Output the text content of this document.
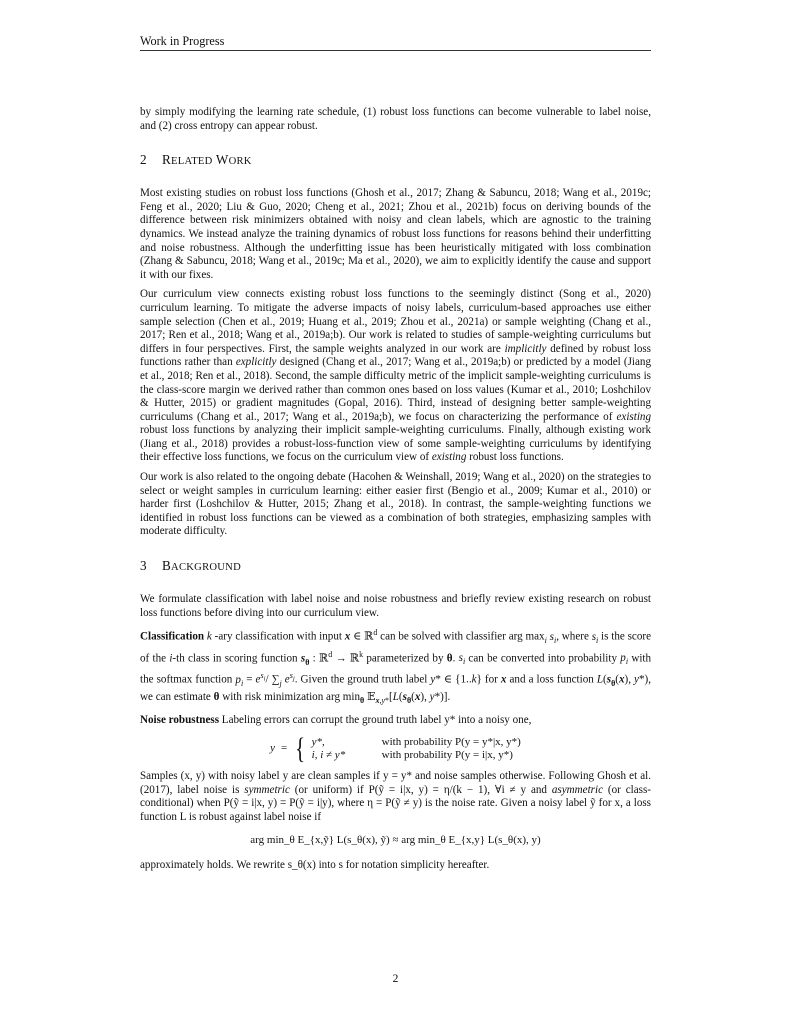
Work in Progress

by simply modifying the learning rate schedule, (1) robust loss functions can become vulnerable to label noise, and (2) cross entropy can appear robust.

2 RELATED WORK

Most existing studies on robust loss functions (Ghosh et al., 2017; Zhang & Sabuncu, 2018; Wang et al., 2019c; Feng et al., 2020; Liu & Guo, 2020; Cheng et al., 2021; Zhou et al., 2021b) focus on deriving bounds of the difference between risk minimizers obtained with noisy and clean labels, which are agnostic to the training dynamics. We instead analyze the training dynamics of robust loss functions for reasons behind their underfitting and noise robustness. Although the underfitting issue has been heuristically mitigated with loss combination (Zhang & Sabuncu, 2018; Wang et al., 2019c; Ma et al., 2020), we aim to explicitly identify the cause and support it with our fixes.

Our curriculum view connects existing robust loss functions to the seemingly distinct (Song et al., 2020) curriculum learning. To mitigate the adverse impacts of noisy labels, curriculum-based approaches use either sample selection (Chen et al., 2019; Huang et al., 2019; Zhou et al., 2021a) or sample weighting (Chang et al., 2017; Ren et al., 2018; Wang et al., 2019a;b). Our work is related to studies of sample-weighting curriculums but differs in four perspectives. First, the sample weights analyzed in our work are implicitly defined by robust loss functions rather than explicitly designed (Chang et al., 2017; Wang et al., 2019a;b) or predicted by a model (Jiang et al., 2018; Ren et al., 2018). Second, the sample difficulty metric of the implicit sample-weighting curriculums is the class-score margin we derived rather than common ones based on loss values (Kumar et al., 2010; Loshchilov & Hutter, 2015) or gradient magnitudes (Gopal, 2016). Third, instead of designing better sample-weighting curriculums (Chang et al., 2017; Wang et al., 2019a;b), we focus on characterizing the performance of existing robust loss functions by analyzing their implicit sample-weighting curriculums. Finally, although existing work (Jiang et al., 2018) provides a robust-loss-function view of some sample-weighting curriculums by identifying their effective loss functions, we focus on the curriculum view of existing robust loss functions.

Our work is also related to the ongoing debate (Hacohen & Weinshall, 2019; Wang et al., 2020) on the strategies to select or weight samples in curriculum learning: either easier first (Bengio et al., 2009; Kumar et al., 2010) or harder first (Loshchilov & Hutter, 2015; Zhang et al., 2018). In contrast, the sample-weighting functions we identified in robust loss functions can be viewed as a combination of both strategies, emphasizing samples with moderate difficulty.

3 BACKGROUND

We formulate classification with label noise and noise robustness and briefly review existing research on robust loss functions before diving into our curriculum view.

Classification k -ary classification with input x ∈ ℝ$^d$ can be solved with classifier arg $\max_i s_i$, where $s_i$ is the score of the i-th class in scoring function $s_\theta$ : ℝ$^d$ → ℝ$^k$ parameterized by θ. $s_i$ can be converted into probability $p_i$ with the softmax function $p_i = e^{s_i}/$ $\sum_j$ $e^{s_j}$. Given the ground truth label y* ∈ {1..k} for x and a loss function $L(s_\theta(x)$, y*), we can estimate θ with risk minimization arg $\min_\theta$ $𝔼_{x,y*}[L(s_\theta(x)$, y*)].

Noise robustness Labeling errors can corrupt the ground truth label y* into a noisy one,

y = { y*,	with probability P(y = y*|x, y*)
i, i ≠ y*	with probability P(y = i|x, y*)

Samples (x, y) with noisy label y are clean samples if y = y* and noise samples otherwise. Following Ghosh et al. (2017), label noise is symmetric (or uniform) if P(ỹ = i|x, y) = η/(k − 1), ∀i ≠ y and asymmetric (or class-conditional) when P(ỹ = i|x, y) = P(ỹ = i|y), where η = P(ỹ ≠ y) is the noise rate. Given a noisy label ỹ for x, a loss function L is robust against label noise if

arg min_θ E_{x,ỹ} L(s_θ(x), ỹ) ≈ arg min_θ E_{x,y} L(s_θ(x), y)

approximately holds. We rewrite s_θ(x) into s for notation simplicity hereafter.

2
